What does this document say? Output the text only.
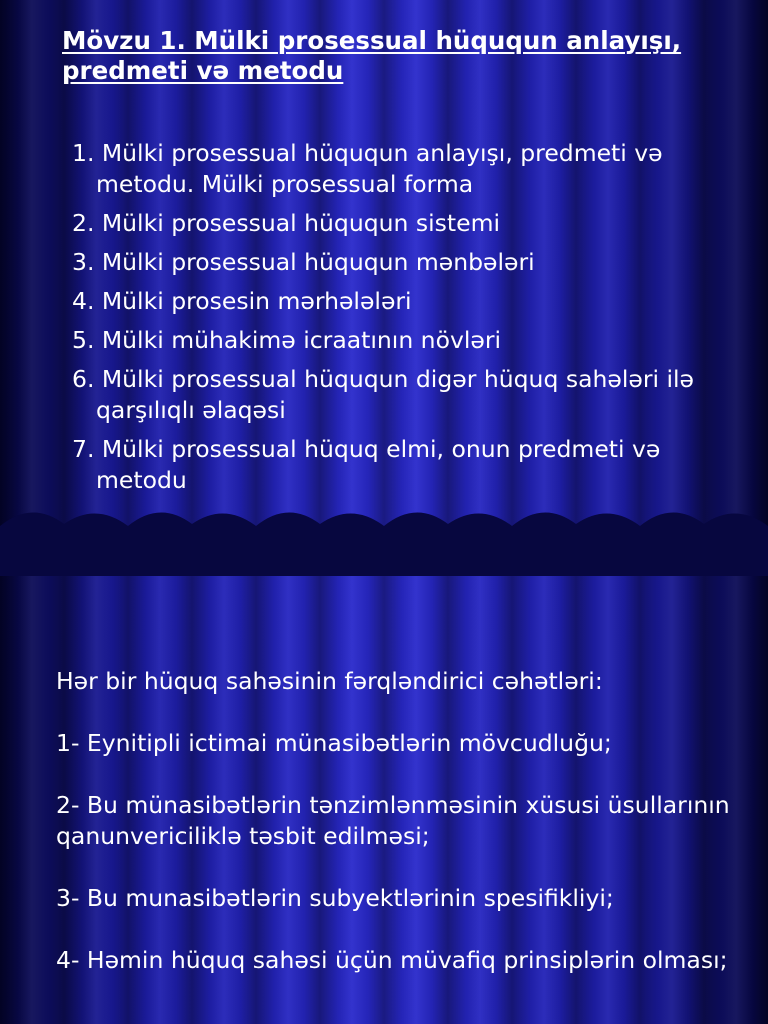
Mövzu 1. Mülki prosessual hüququn anlayışı, predmeti və metodu
1. Mülki prosessual hüququn anlayışı, predmeti və metodu. Mülki prosessual forma
2. Mülki prosessual hüququn sistemi
3. Mülki prosessual hüququn mənbələri
4. Mülki prosesin mərhələləri
5. Mülki mühakimə icraatının növləri
6. Mülki prosessual hüququn digər hüquq sahələri ilə qarşılıqlı əlaqəsi
7. Mülki prosessual hüquq elmi, onun predmeti və metodu

Hər bir hüquq sahəsinin fərqləndirici cəhətləri:

1- Eynitipli ictimai münasibətlərin mövcudluğu;

2- Bu münasibətlərin tənzimlənməsinin xüsusi üsullarının qanunvericiliklə təsbit edilməsi;

3- Bu munasibətlərin subyektlərinin spesifikliyi;

4- Həmin hüquq sahəsi üçün müvafiq prinsiplərin olması;
